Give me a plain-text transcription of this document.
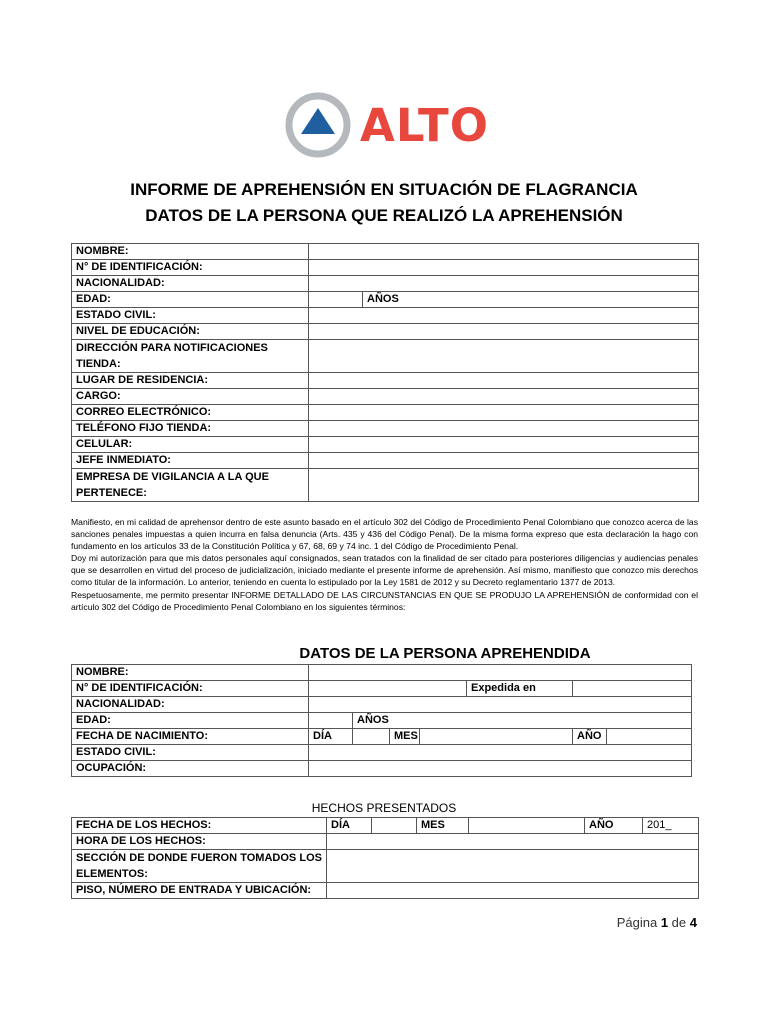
ALTO
INFORME DE APREHENSIÓN EN SITUACIÓN DE FLAGRANCIA
DATOS DE LA PERSONA QUE REALIZÓ LA APREHENSIÓN
NOMBRE:		
N° DE IDENTIFICACIÓN:		
NACIONALIDAD:		
EDAD:		AÑOS
ESTADO CIVIL:		
NIVEL DE EDUCACIÓN:		
DIRECCIÓN PARA NOTIFICACIONES TIENDA:		
LUGAR DE RESIDENCIA:		
CARGO:		
CORREO ELECTRÓNICO:		
TELÉFONO FIJO TIENDA:		
CELULAR:		
JEFE INMEDIATO:		
EMPRESA DE VIGILANCIA A LA QUE PERTENECE:		

Manifiesto, en mi calidad de aprehensor dentro de este asunto basado en el artículo 302 del Código de Procedimiento Penal Colombiano que conozco acerca de las sanciones penales impuestas a quien incurra en falsa denuncia (Arts. 435 y 436 del Código Penal). De la misma forma expreso que esta declaración la hago con fundamento en los artículos 33 de la Constitución Política y 67, 68, 69 y 74 inc. 1 del Código de Procedimiento Penal.

Doy mi autorización para que mis datos personales aquí consignados, sean tratados con la finalidad de ser citado para posteriores diligencias y audiencias penales que se desarrollen en virtud del proceso de judicialización, iniciado mediante el presente informe de aprehensión. Así mismo, manifiesto que conozco mis derechos como titular de la información. Lo anterior, teniendo en cuenta lo estipulado por la Ley 1581 de 2012 y su Decreto reglamentario 1377 de 2013.

Respetuosamente, me permito presentar INFORME DETALLADO DE LAS CIRCUNSTANCIAS EN QUE SE PRODUJO LA APREHENSIÓN de conformidad con el artículo 302 del Código de Procedimiento Penal Colombiano en los siguientes términos:

DATOS DE LA PERSONA APREHENDIDA
NOMBRE:							
N° DE IDENTIFICACIÓN:					Expedida en		
NACIONALIDAD:							
EDAD:		AÑOS					
FECHA DE NACIMIENTO:	DÍA		MES			AÑO	
ESTADO CIVIL:							
OCUPACIÓN:							
HECHOS PRESENTADOS
FECHA DE LOS HECHOS:	DÍA		MES		AÑO	201_
HORA DE LOS HECHOS:						
SECCIÓN DE DONDE FUERON TOMADOS LOS ELEMENTOS:						
PISO, NÚMERO DE ENTRADA Y UBICACIÓN:						
Página 1 de 4
